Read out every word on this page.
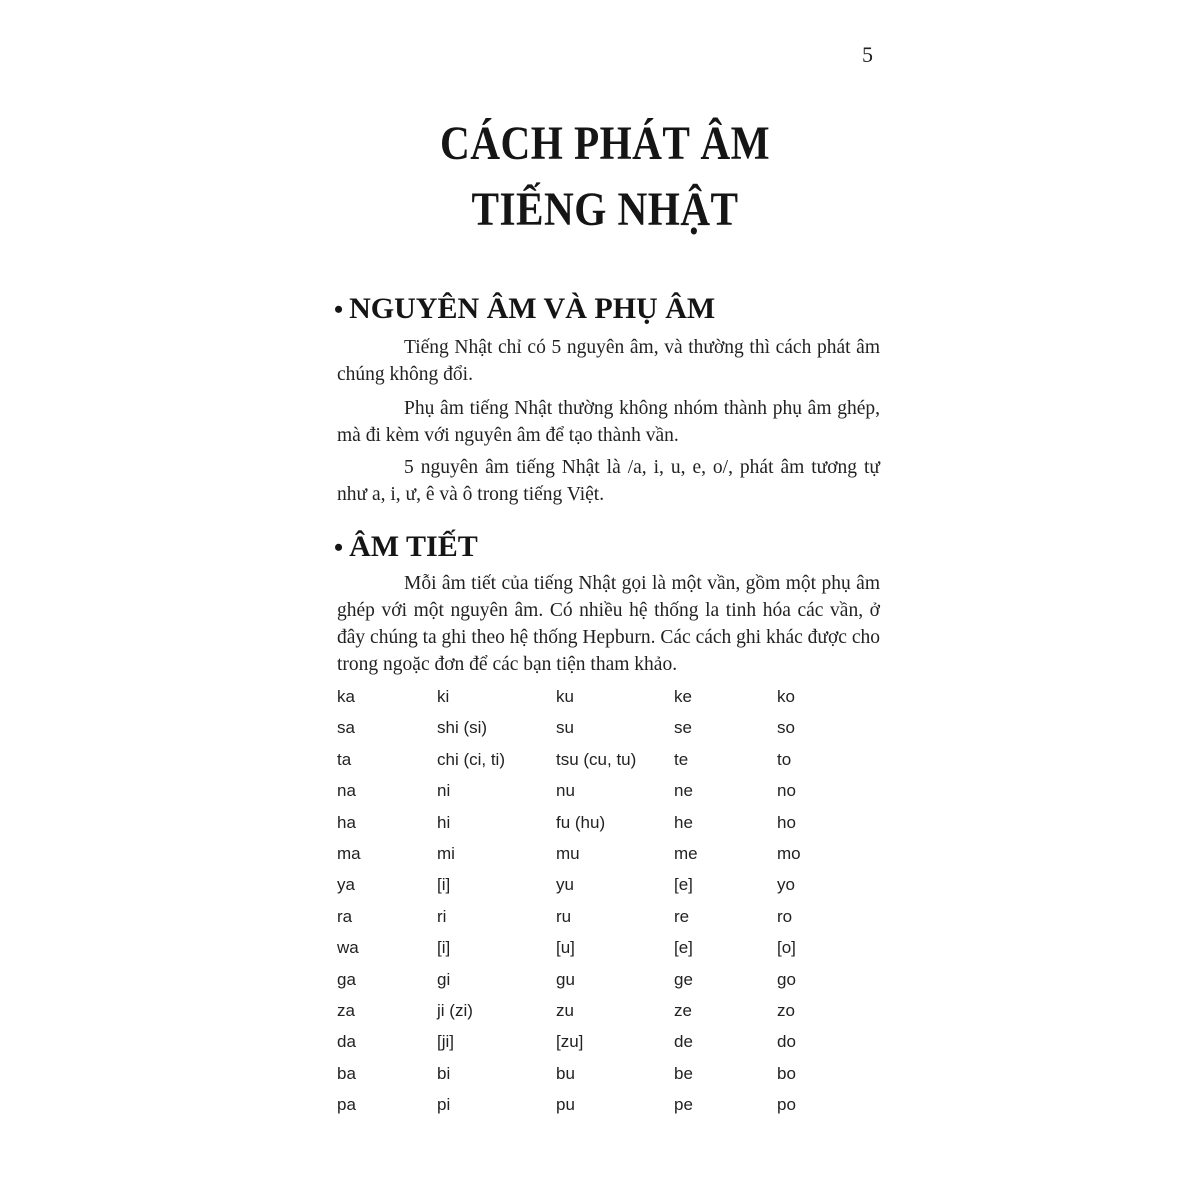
5
CÁCH PHÁT ÂM
TIẾNG NHẬT
• NGUYÊN ÂM VÀ PHỤ ÂM

Tiếng Nhật chỉ có 5 nguyên âm, và thường thì cách phát âm chúng không đổi.

Phụ âm tiếng Nhật thường không nhóm thành phụ âm ghép, mà đi kèm với nguyên âm để tạo thành vần.

5 nguyên âm tiếng Nhật là /a, i, u, e, o/, phát âm tương tự như a, i, ư, ê và ô trong tiếng Việt.

• ÂM TIẾT

Mỗi âm tiết của tiếng Nhật gọi là một vần, gồm một phụ âm ghép với một nguyên âm. Có nhiều hệ thống la tinh hóa các vần, ở đây chúng ta ghi theo hệ thống Hepburn. Các cách ghi khác được cho trong ngoặc đơn để các bạn tiện tham khảo.

ka	ki	ku	ke	ko
sa	shi (si)	su	se	so
ta	chi (ci, ti)	tsu (cu, tu) te	to
na	ni	nu	ne	no
ha	hi	fu (hu)	he	ho
ma	mi	mu	me	mo
ya	[i]	yu	[e]	yo
ra	ri	ru	re	ro
wa	[i]	[u]	[e]	[o]
ga	gi	gu	ge	go
za	ji (zi)	zu	ze	zo
da	[ji]	[zu]	de	do
ba	bi	bu	be	bo
pa	pi	pu	pe	po
